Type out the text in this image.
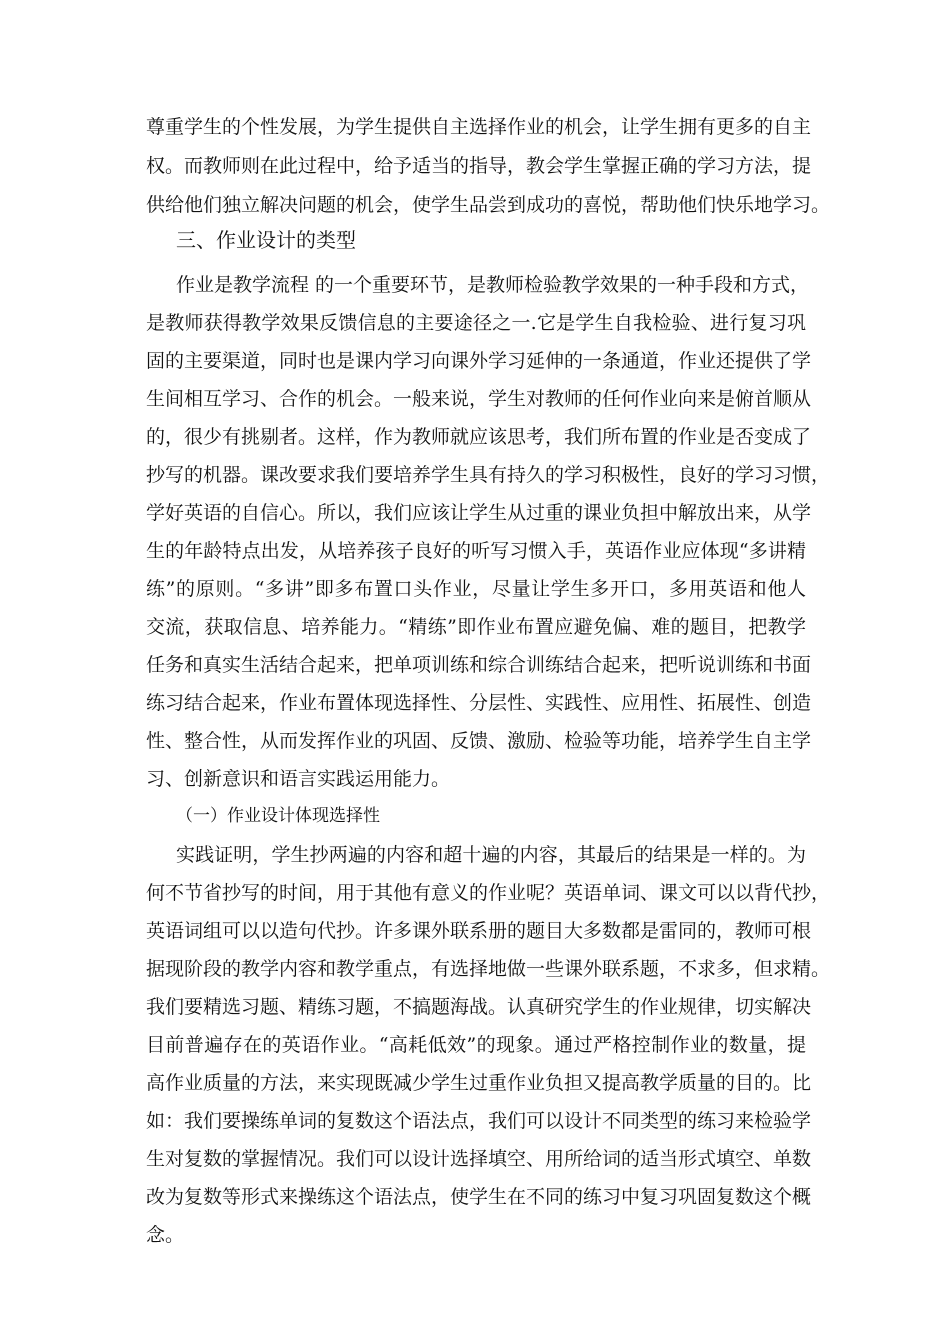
尊重学生的个性发展，为学生提供自主选择作业的机会，让学生拥有更多的自主
权。而教师则在此过程中，给予适当的指导，教会学生掌握正确的学习方法，提
供给他们独立解决问题的机会，使学生品尝到成功的喜悦，帮助他们快乐地学习。
三、作业设计的类型
作业是教学流程 的一个重要环节，是教师检验教学效果的一种手段和方式，
是教师获得教学效果反馈信息的主要途径之一.它是学生自我检验、进行复习巩
固的主要渠道，同时也是课内学习向课外学习延伸的一条通道，作业还提供了学
生间相互学习、合作的机会。一般来说，学生对教师的任何作业向来是俯首顺从
的，很少有挑剔者。这样，作为教师就应该思考，我们所布置的作业是否变成了
抄写的机器。课改要求我们要培养学生具有持久的学习积极性，良好的学习习惯，
学好英语的自信心。所以，我们应该让学生从过重的课业负担中解放出来，从学
生的年龄特点出发，从培养孩子良好的听写习惯入手，英语作业应体现“多讲精
练”的原则。“多讲”即多布置口头作业，尽量让学生多开口，多用英语和他人
交流，获取信息、培养能力。“精练”即作业布置应避免偏、难的题目，把教学
任务和真实生活结合起来，把单项训练和综合训练结合起来，把听说训练和书面
练习结合起来，作业布置体现选择性、分层性、实践性、应用性、拓展性、创造
性、整合性，从而发挥作业的巩固、反馈、激励、检验等功能，培养学生自主学
习、创新意识和语言实践运用能力。
（一）作业设计体现选择性
实践证明，学生抄两遍的内容和超十遍的内容，其最后的结果是一样的。为
何不节省抄写的时间，用于其他有意义的作业呢？英语单词、课文可以以背代抄，
英语词组可以以造句代抄。许多课外联系册的题目大多数都是雷同的，教师可根
据现阶段的教学内容和教学重点，有选择地做一些课外联系题，不求多，但求精。
我们要精选习题、精练习题，不搞题海战。认真研究学生的作业规律，切实解决
目前普遍存在的英语作业。“高耗低效”的现象。通过严格控制作业的数量，提
高作业质量的方法，来实现既减少学生过重作业负担又提高教学质量的目的。比
如：我们要操练单词的复数这个语法点，我们可以设计不同类型的练习来检验学
生对复数的掌握情况。我们可以设计选择填空、用所给词的适当形式填空、单数
改为复数等形式来操练这个语法点，使学生在不同的练习中复习巩固复数这个概
念。
